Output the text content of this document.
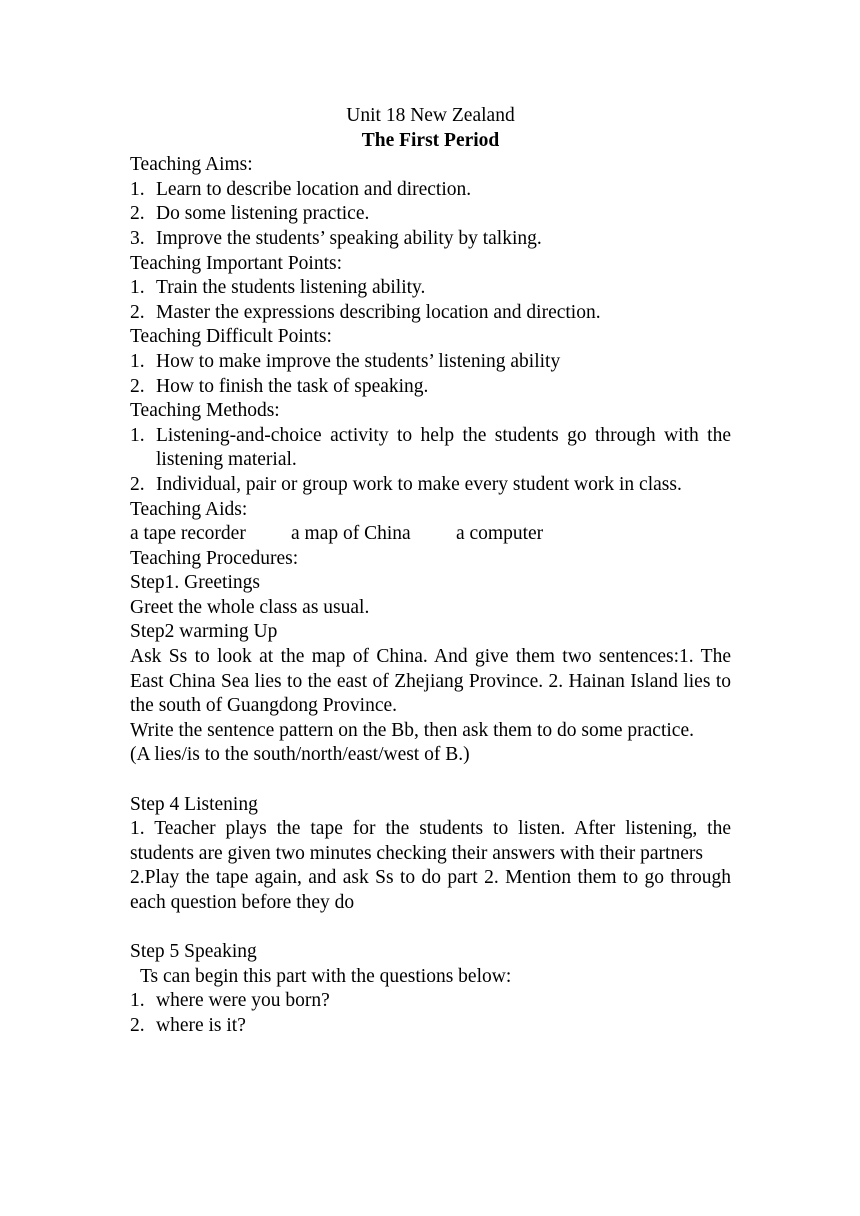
Unit 18 New Zealand
The First Period
Teaching Aims:
1. Learn to describe location and direction.
2. Do some listening practice.
3. Improve the students’ speaking ability by talking.
Teaching Important Points:
1. Train the students listening ability.
2. Master the expressions describing location and direction.
Teaching Difficult Points:
1. How to make improve the students’ listening ability
2. How to finish the task of speaking.
Teaching Methods:
1. Listening-and-choice activity to help the students go through with the listening material.
2. Individual, pair or group work to make every student work in class.
Teaching Aids:
a tape recorder a map of China a computer
Teaching Procedures:
Step1. Greetings
Greet the whole class as usual.
Step2 warming Up
Ask Ss to look at the map of China. And give them two sentences:1. The East China Sea lies to the east of Zhejiang Province. 2. Hainan Island lies to the south of Guangdong Province.
Write the sentence pattern on the Bb, then ask them to do some practice.
(A lies/is to the south/north/east/west of B.)
Step 4 Listening
1. Teacher plays the tape for the students to listen. After listening, the students are given two minutes checking their answers with their partners
2.Play the tape again, and ask Ss to do part 2. Mention them to go through each question before they do
Step 5 Speaking
Ts can begin this part with the questions below:
1. where were you born?
2. where is it?
